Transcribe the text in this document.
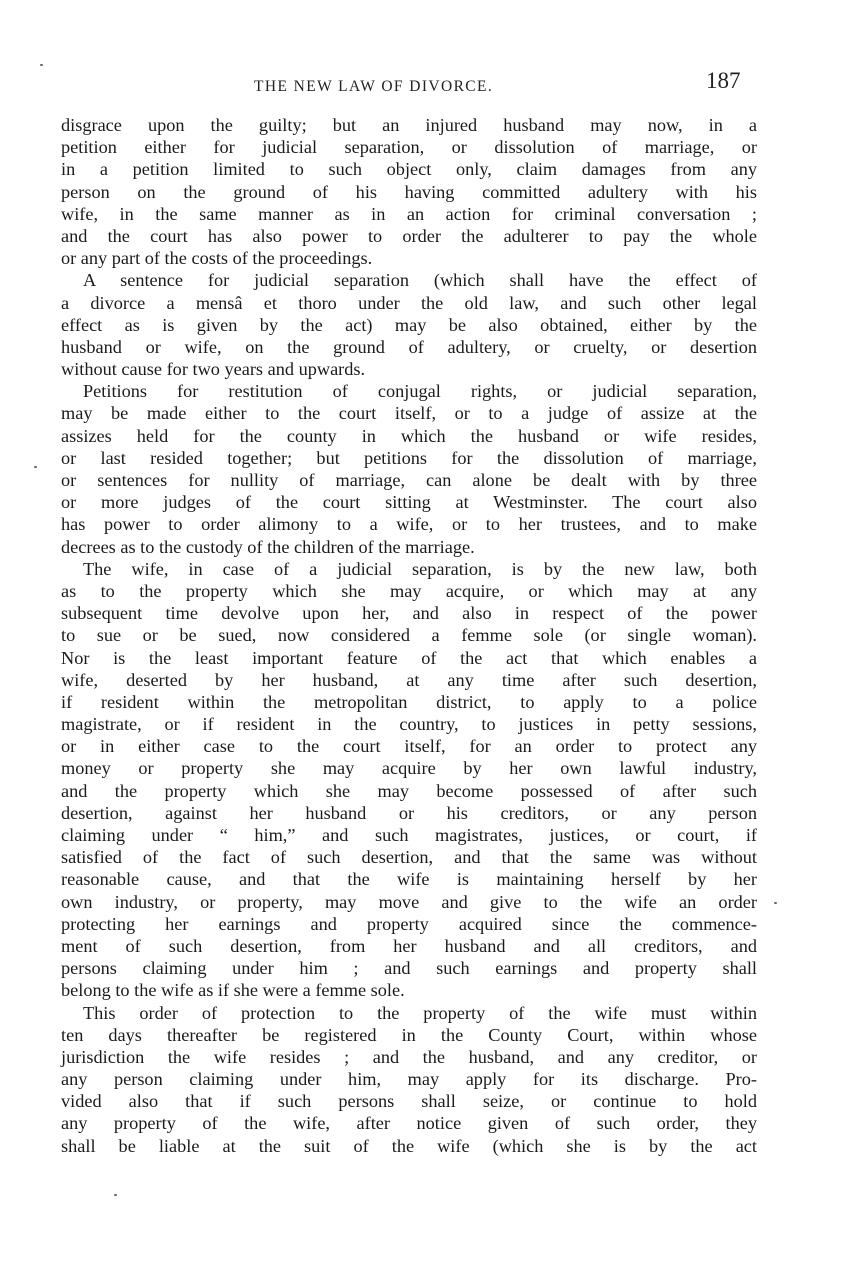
THE NEW LAW OF DIVORCE.	187
disgrace upon the guilty; but an injured husband may now, in a
petition either for judicial separation, or dissolution of marriage, or
in a petition limited to such object only, claim damages from any
person on the ground of his having committed adultery with his
wife, in the same manner as in an action for criminal conversation ;
and the court has also power to order the adulterer to pay the whole
or any part of the costs of the proceedings.
A sentence for judicial separation (which shall have the effect of
a divorce a mensâ et thoro under the old law, and such other legal
effect as is given by the act) may be also obtained, either by the
husband or wife, on the ground of adultery, or cruelty, or desertion
without cause for two years and upwards.
Petitions for restitution of conjugal rights, or judicial separation,
may be made either to the court itself, or to a judge of assize at the
assizes held for the county in which the husband or wife resides,
or last resided together; but petitions for the dissolution of marriage,
or sentences for nullity of marriage, can alone be dealt with by three
or more judges of the court sitting at Westminster. The court also
has power to order alimony to a wife, or to her trustees, and to make
decrees as to the custody of the children of the marriage.
The wife, in case of a judicial separation, is by the new law, both
as to the property which she may acquire, or which may at any
subsequent time devolve upon her, and also in respect of the power
to sue or be sued, now considered a femme sole (or single woman).
Nor is the least important feature of the act that which enables a
wife, deserted by her husband, at any time after such desertion,
if resident within the metropolitan district, to apply to a police
magistrate, or if resident in the country, to justices in petty sessions,
or in either case to the court itself, for an order to protect any
money or property she may acquire by her own lawful industry,
and the property which she may become possessed of after such
desertion, against her husband or his creditors, or any person
claiming under “ him,” and such magistrates, justices, or court, if
satisfied of the fact of such desertion, and that the same was without
reasonable cause, and that the wife is maintaining herself by her
own industry, or property, may move and give to the wife an order
protecting her earnings and property acquired since the commence-
ment of such desertion, from her husband and all creditors, and
persons claiming under him ; and such earnings and property shall
belong to the wife as if she were a femme sole.
This order of protection to the property of the wife must within
ten days thereafter be registered in the County Court, within whose
jurisdiction the wife resides ; and the husband, and any creditor, or
any person claiming under him, may apply for its discharge. Pro-
vided also that if such persons shall seize, or continue to hold
any property of the wife, after notice given of such order, they
shall be liable at the suit of the wife (which she is by the act
